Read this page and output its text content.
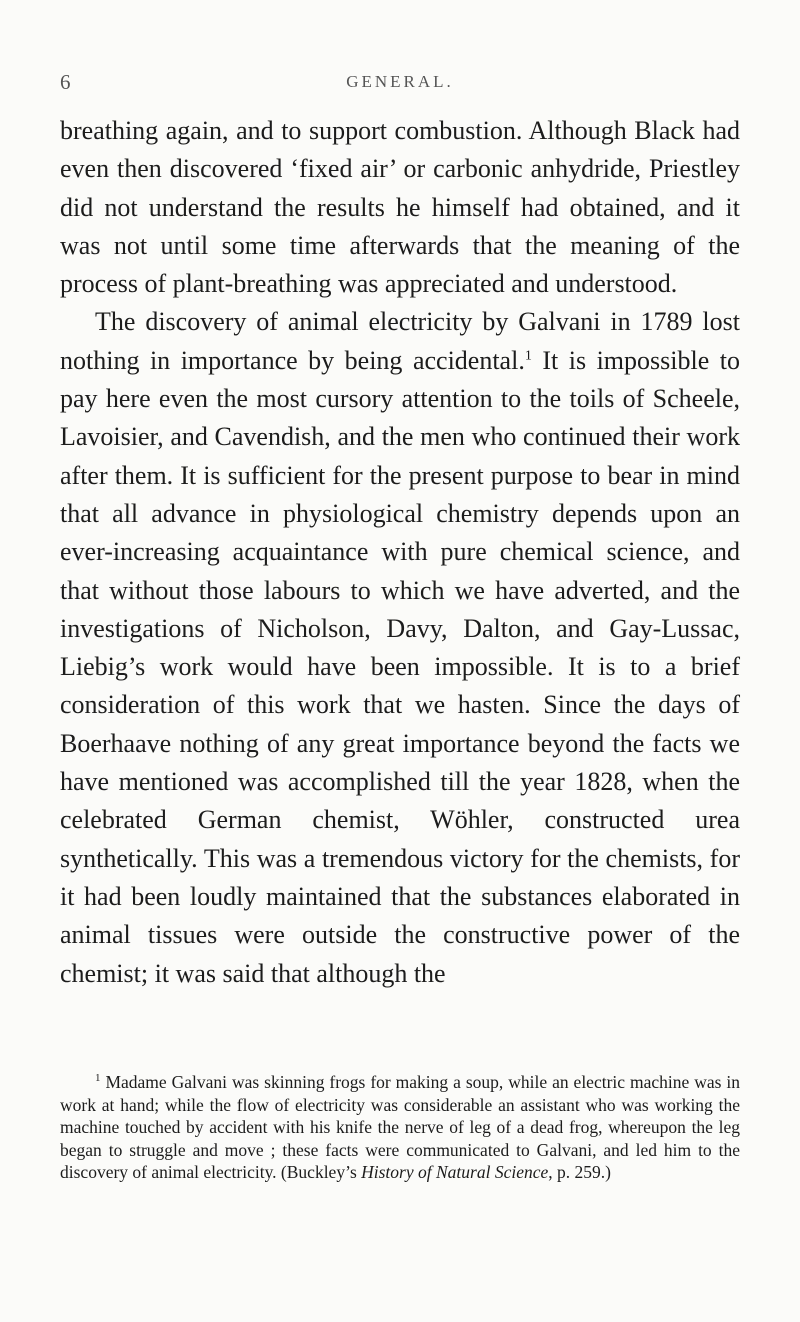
6	GENERAL.

breathing again, and to support combustion. Although Black had even then discovered ‘fixed air’ or carbonic anhydride, Priestley did not understand the results he himself had obtained, and it was not until some time afterwards that the meaning of the process of plant-breathing was appreciated and understood.

The discovery of animal electricity by Galvani in 1789 lost nothing in importance by being accidental.$^1$ It is impossible to pay here even the most cursory attention to the toils of Scheele, Lavoisier, and Cavendish, and the men who continued their work after them. It is sufficient for the present purpose to bear in mind that all advance in physiological chemistry depends upon an ever-increasing acquaintance with pure chemical science, and that without those labours to which we have adverted, and the investigations of Nicholson, Davy, Dalton, and Gay-Lussac, Liebig’s work would have been impossible. It is to a brief consideration of this work that we hasten. Since the days of Boerhaave nothing of any great importance beyond the facts we have mentioned was accomplished till the year 1828, when the celebrated German chemist, Wöhler, constructed urea synthetically. This was a tremendous victory for the chemists, for it had been loudly maintained that the substances elaborated in animal tissues were outside the constructive power of the chemist; it was said that although the

$^1$ Madame Galvani was skinning frogs for making a soup, while an electric machine was in work at hand; while the flow of electricity was considerable an assistant who was working the machine touched by accident with his knife the nerve of leg of a dead frog, whereupon the leg began to struggle and move ; these facts were communicated to Galvani, and led him to the discovery of animal electricity. (Buckley’s History of Natural Science, p. 259.)
